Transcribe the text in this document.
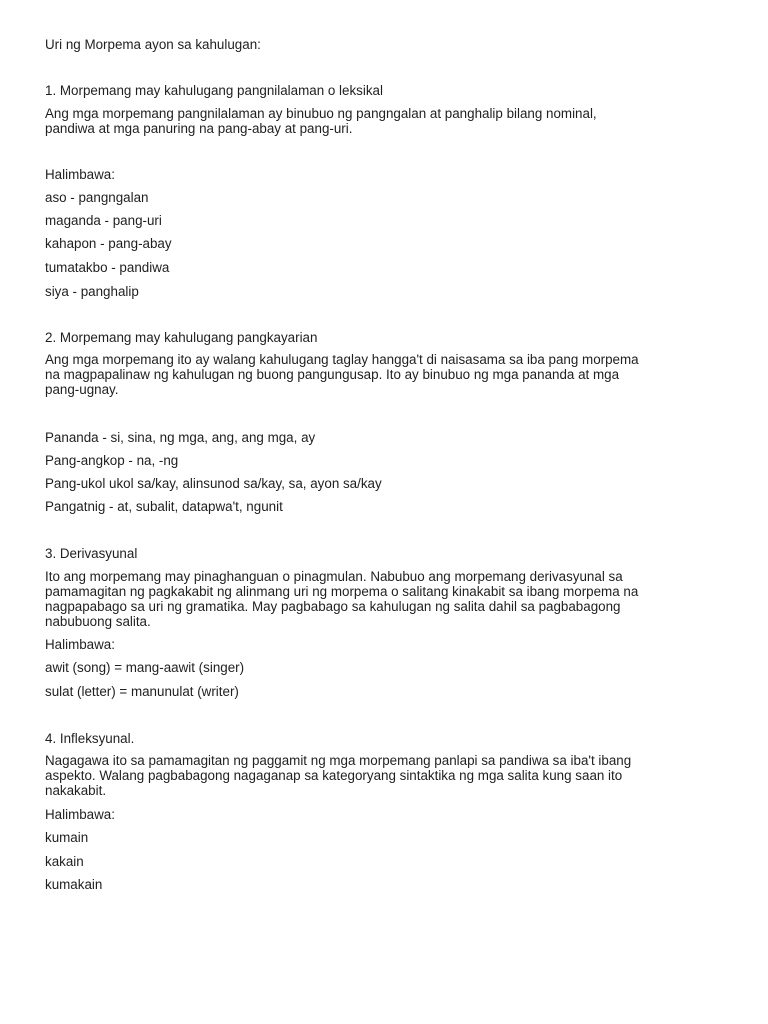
Uri ng Morpema ayon sa kahulugan:
1. Morpemang may kahulugang pangnilalaman o leksikal
Ang mga morpemang pangnilalaman ay binubuo ng pangngalan at panghalip bilang nominal,
pandiwa at mga panuring na pang-abay at pang-uri.
Halimbawa:
aso - pangngalan
maganda - pang-uri
kahapon - pang-abay
tumatakbo - pandiwa
siya - panghalip
2. Morpemang may kahulugang pangkayarian
Ang mga morpemang ito ay walang kahulugang taglay hangga't di naisasama sa iba pang morpema
na magpapalinaw ng kahulugan ng buong pangungusap. Ito ay binubuo ng mga pananda at mga
pang-ugnay.
Pananda - si, sina, ng mga, ang, ang mga, ay
Pang-angkop - na, -ng
Pang-ukol ukol sa/kay, alinsunod sa/kay, sa, ayon sa/kay
Pangatnig - at, subalit, datapwa't, ngunit
3. Derivasyunal
Ito ang morpemang may pinaghanguan o pinagmulan. Nabubuo ang morpemang derivasyunal sa
pamamagitan ng pagkakabit ng alinmang uri ng morpema o salitang kinakabit sa ibang morpema na
nagpapabago sa uri ng gramatika. May pagbabago sa kahulugan ng salita dahil sa pagbabagong
nabubuong salita.
Halimbawa:
awit (song) = mang-aawit (singer)
sulat (letter) = manunulat (writer)
4. Infleksyunal.
Nagagawa ito sa pamamagitan ng paggamit ng mga morpemang panlapi sa pandiwa sa iba't ibang
aspekto. Walang pagbabagong nagaganap sa kategoryang sintaktika ng mga salita kung saan ito
nakakabit.
Halimbawa:
kumain
kakain
kumakain
